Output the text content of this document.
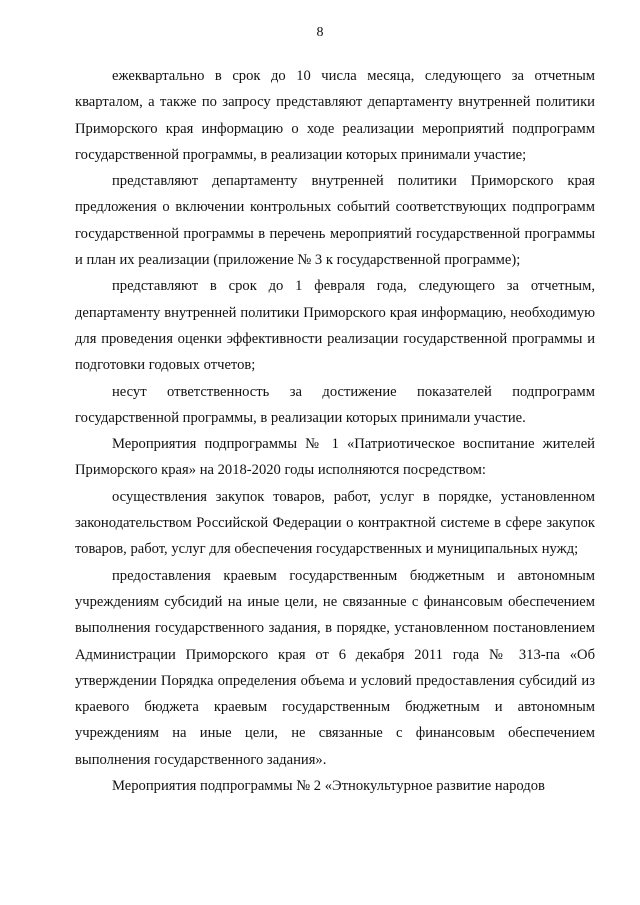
8

ежеквартально в срок до 10 числа месяца, следующего за отчетным кварталом, а также по запросу представляют департаменту внутренней политики Приморского края информацию о ходе реализации мероприятий подпрограмм государственной программы, в реализации которых принимали участие;

представляют департаменту внутренней политики Приморского края предложения о включении контрольных событий соответствующих подпрограмм государственной программы в перечень мероприятий государственной программы и план их реализации (приложение № 3 к государственной программе);

представляют в срок до 1 февраля года, следующего за отчетным, департаменту внутренней политики Приморского края информацию, необходимую для проведения оценки эффективности реализации государственной программы и подготовки годовых отчетов;

несут ответственность за достижение показателей подпрограмм государственной программы, в реализации которых принимали участие.

Мероприятия подпрограммы № 1 «Патриотическое воспитание жителей Приморского края» на 2018-2020 годы исполняются посредством:

осуществления закупок товаров, работ, услуг в порядке, установленном законодательством Российской Федерации о контрактной системе в сфере закупок товаров, работ, услуг для обеспечения государственных и муниципальных нужд;

предоставления краевым государственным бюджетным и автономным учреждениям субсидий на иные цели, не связанные с финансовым обеспечением выполнения государственного задания, в порядке, установленном постановлением Администрации Приморского края от 6 декабря 2011 года № 313-па «Об утверждении Порядка определения объема и условий предоставления субсидий из краевого бюджета краевым государственным бюджетным и автономным учреждениям на иные цели, не связанные с финансовым обеспечением выполнения государственного задания».

Мероприятия подпрограммы № 2 «Этнокультурное развитие народов
